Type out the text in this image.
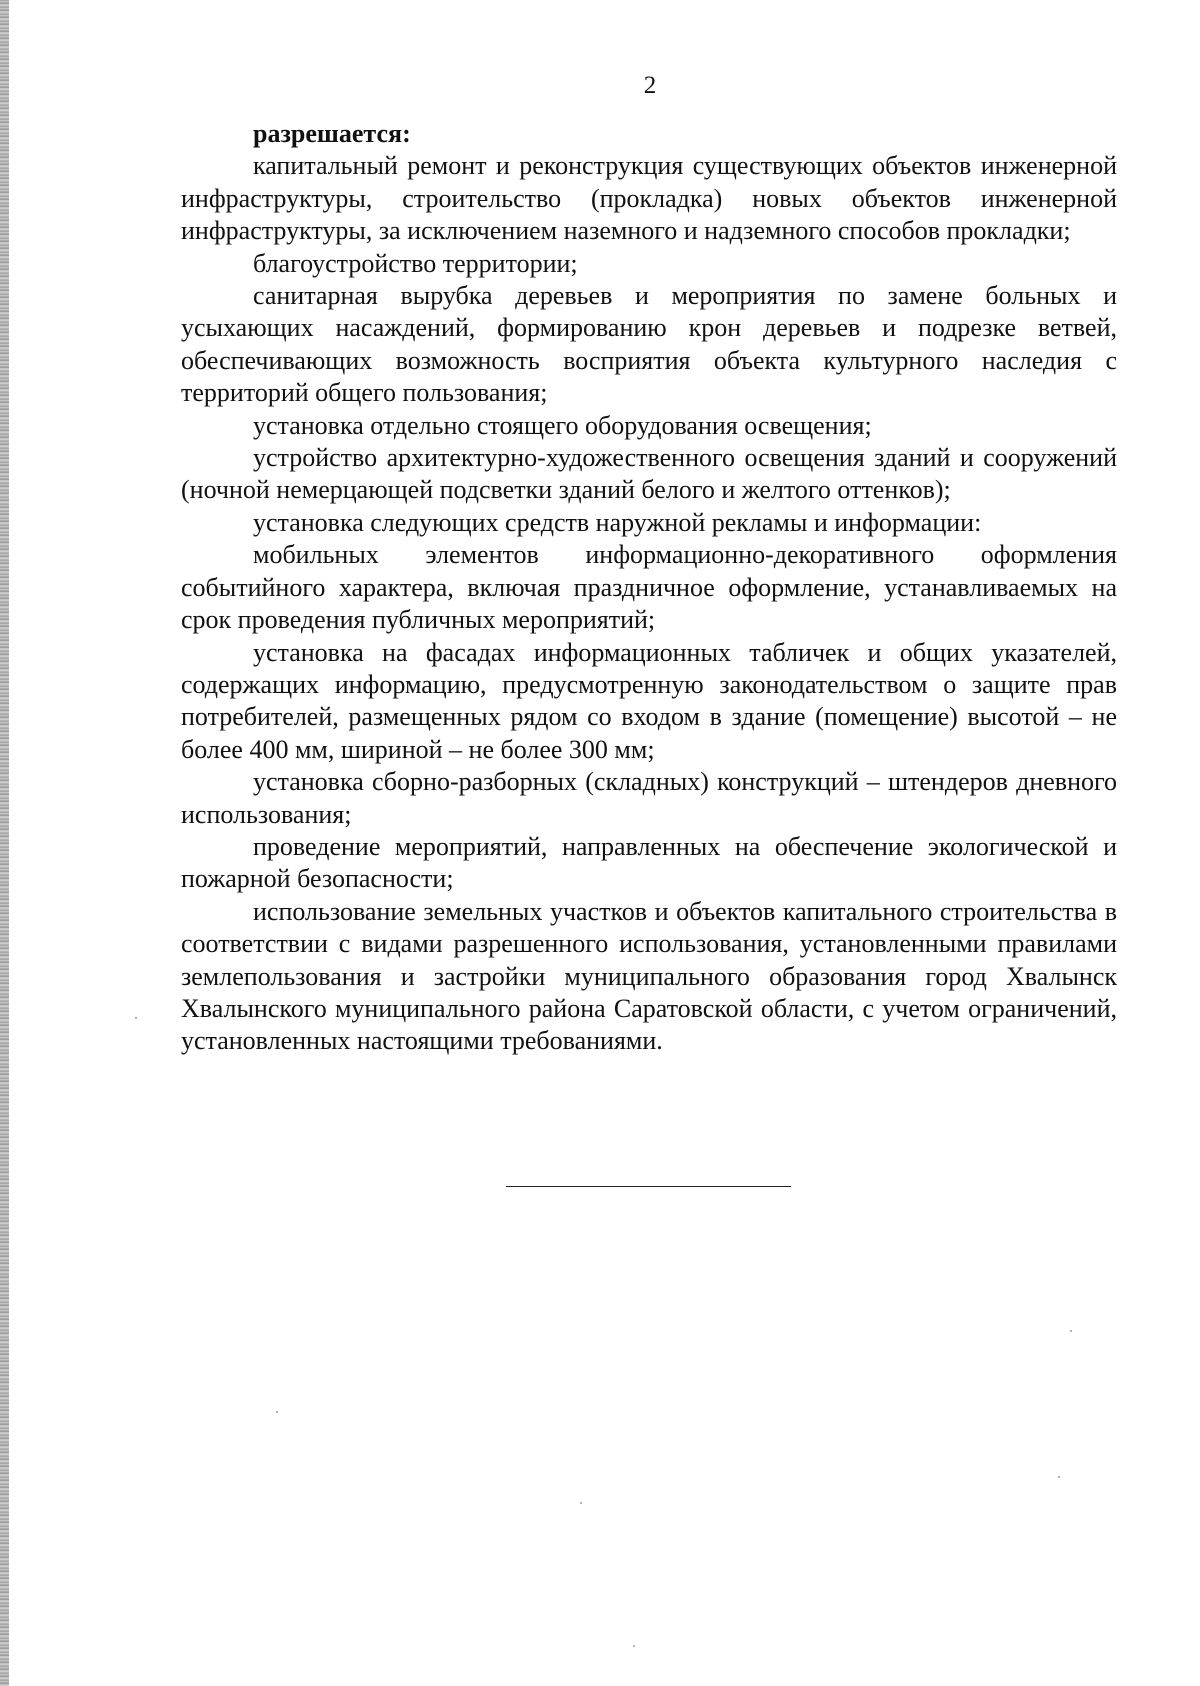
2

разрешается:

капитальный ремонт и реконструкция существующих объектов инженерной инфраструктуры, строительство (прокладка) новых объектов инженерной инфраструктуры, за исключением наземного и надземного способов прокладки;

благоустройство территории;

санитарная вырубка деревьев и мероприятия по замене больных и усыхающих насаждений, формированию крон деревьев и подрезке ветвей, обеспечивающих возможность восприятия объекта культурного наследия с территорий общего пользования;

установка отдельно стоящего оборудования освещения;

устройство архитектурно-художественного освещения зданий и сооружений (ночной немерцающей подсветки зданий белого и желтого оттенков);

установка следующих средств наружной рекламы и информации:

мобильных элементов информационно-декоративного оформления событийного характера, включая праздничное оформление, устанавливаемых на срок проведения публичных мероприятий;

установка на фасадах информационных табличек и общих указателей, содержащих информацию, предусмотренную законодательством о защите прав потребителей, размещенных рядом со входом в здание (помещение) высотой – не более 400 мм, шириной – не более 300 мм;

установка сборно-разборных (складных) конструкций – штендеров дневного использования;

проведение мероприятий, направленных на обеспечение экологической и пожарной безопасности;

использование земельных участков и объектов капитального строительства в соответствии с видами разрешенного использования, установленными правилами землепользования и застройки муниципального образования город Хвалынск Хвалынского муниципального района Саратовской области, с учетом ограничений, установленных настоящими требованиями.
